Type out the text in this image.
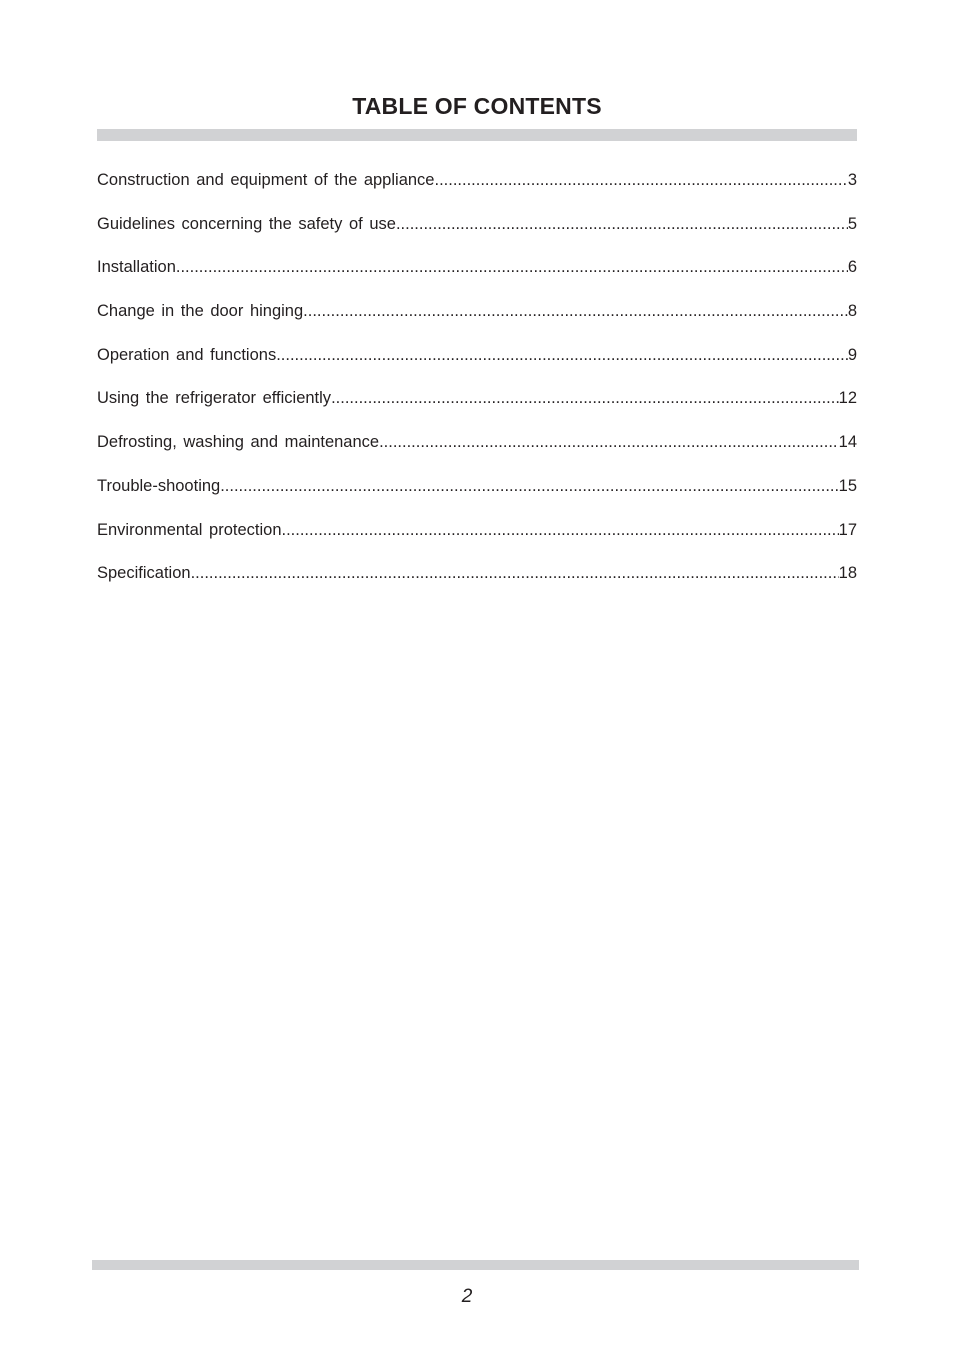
TABLE OF CONTENTS
Construction and equipment of the appliance .....	3
Guidelines concerning the safety of use .....	5
Installation .....	6
Change in the door hinging .....	8
Operation and functions .....	9
Using the refrigerator efficiently .....	12
Defrosting, washing and maintenance .....	14
Trouble-shooting .....	15
Environmental protection .....	17
Specification .....	18
2
